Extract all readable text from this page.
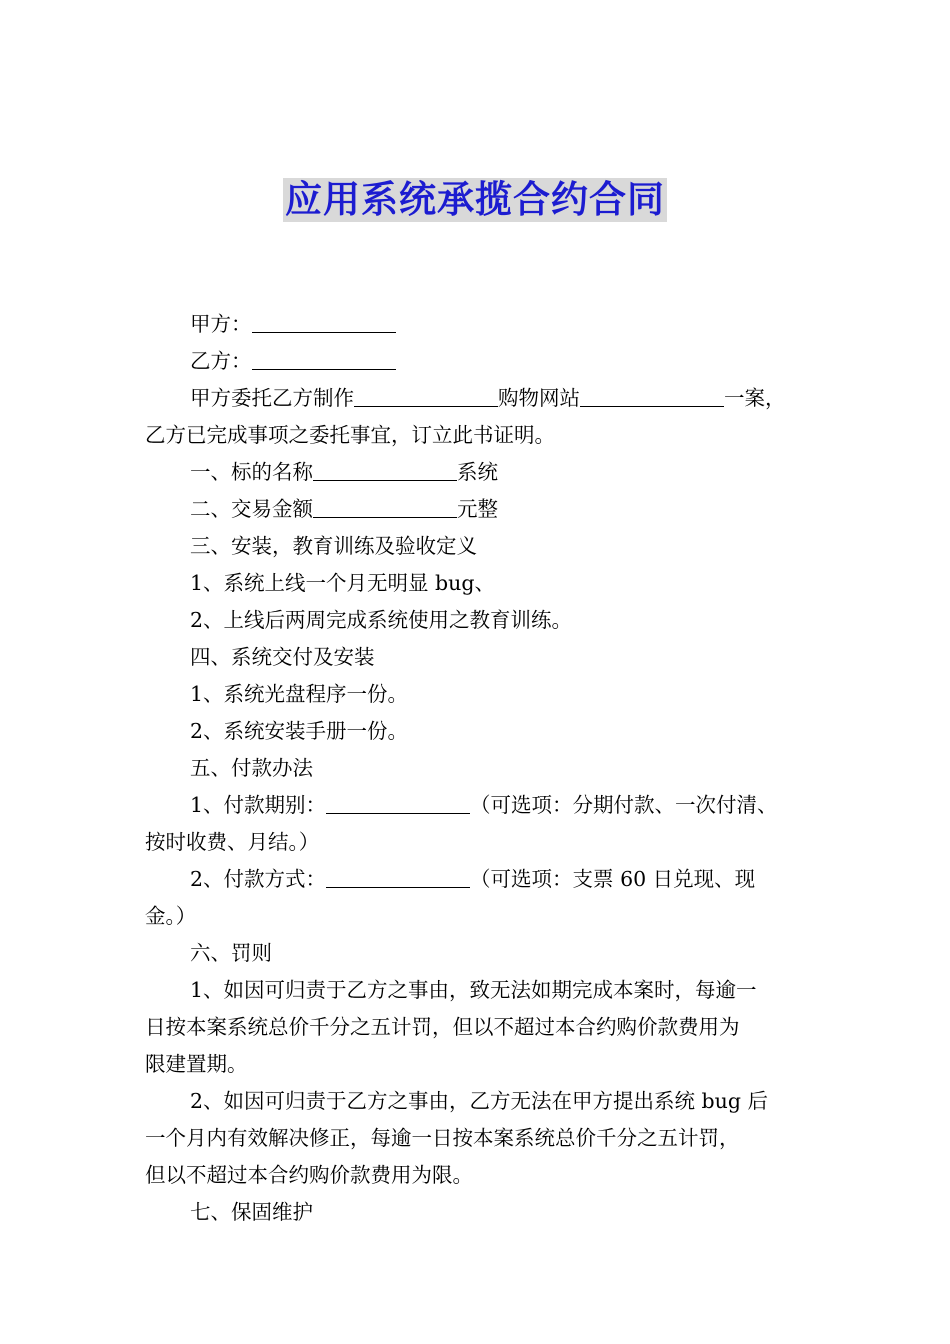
应用系统承揽合约合同
甲方：
乙方：
甲方委托乙方制作	购物网站	一案，
乙方已完成事项之委托事宜，订立此书证明。
一、标的名称	系统
二、交易金额	元整
三、安装，教育训练及验收定义
1、系统上线一个月无明显 bug、
2、上线后两周完成系统使用之教育训练。
四、系统交付及安装
1、系统光盘程序一份。
2、系统安装手册一份。
五、付款办法
1、付款期别：	（可选项：分期付款、一次付清、
按时收费、月结。）
2、付款方式：	（可选项：支票 60 日兑现、现
金。）
六、罚则
1、如因可归责于乙方之事由，致无法如期完成本案时，每逾一
日按本案系统总价千分之五计罚，但以不超过本合约购价款费用为
限建置期。
2、如因可归责于乙方之事由，乙方无法在甲方提出系统 bug 后
一个月内有效解决修正，每逾一日按本案系统总价千分之五计罚，
但以不超过本合约购价款费用为限。
七、保固维护
